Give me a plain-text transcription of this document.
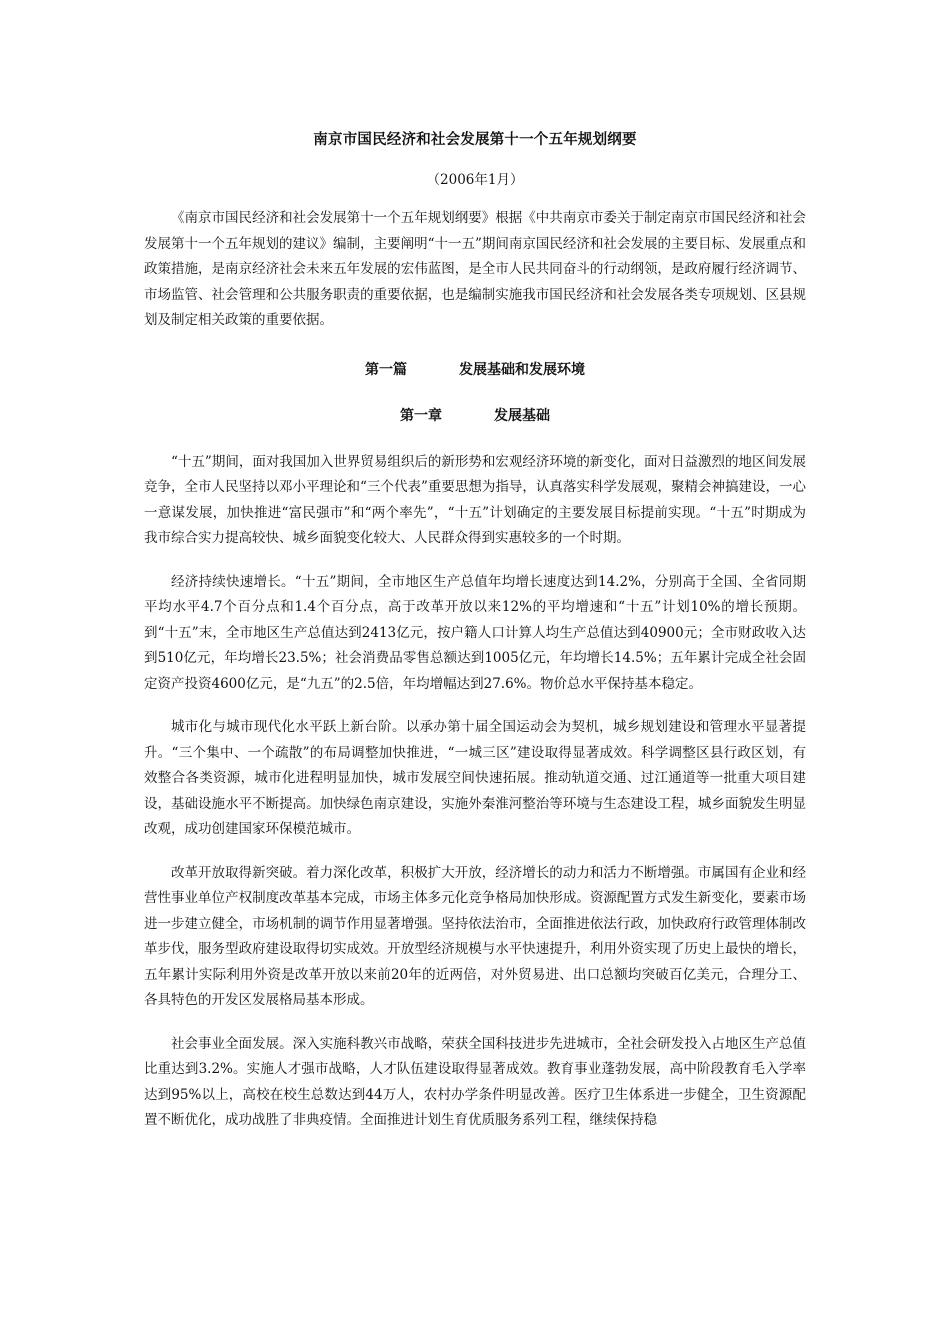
南京市国民经济和社会发展第十一个五年规划纲要

（2006年1月）

《南京市国民经济和社会发展第十一个五年规划纲要》根据《中共南京市委关于制定南京市国民经济和社会发展第十一个五年规划的建议》编制，主要阐明“十一五”期间南京国民经济和社会发展的主要目标、发展重点和政策措施，是南京经济社会未来五年发展的宏伟蓝图，是全市人民共同奋斗的行动纲领，是政府履行经济调节、市场监管、社会管理和公共服务职责的重要依据，也是编制实施我市国民经济和社会发展各类专项规划、区县规划及制定相关政策的重要依据。

第一篇	发展基础和发展环境
第一章	发展基础

“十五”期间，面对我国加入世界贸易组织后的新形势和宏观经济环境的新变化，面对日益激烈的地区间发展竞争，全市人民坚持以邓小平理论和“三个代表”重要思想为指导，认真落实科学发展观，聚精会神搞建设，一心一意谋发展，加快推进“富民强市”和“两个率先”，“十五”计划确定的主要发展目标提前实现。“十五”时期成为我市综合实力提高较快、城乡面貌变化较大、人民群众得到实惠较多的一个时期。

经济持续快速增长。“十五”期间，全市地区生产总值年均增长速度达到14.2%，分别高于全国、全省同期平均水平4.7个百分点和1.4个百分点，高于改革开放以来12%的平均增速和“十五”计划10%的增长预期。到“十五”末，全市地区生产总值达到2413亿元，按户籍人口计算人均生产总值达到40900元；全市财政收入达到510亿元，年均增长23.5%；社会消费品零售总额达到1005亿元，年均增长14.5%；五年累计完成全社会固定资产投资4600亿元，是“九五”的2.5倍，年均增幅达到27.6%。物价总水平保持基本稳定。

城市化与城市现代化水平跃上新台阶。以承办第十届全国运动会为契机，城乡规划建设和管理水平显著提升。“三个集中、一个疏散”的布局调整加快推进，“一城三区”建设取得显著成效。科学调整区县行政区划，有效整合各类资源，城市化进程明显加快，城市发展空间快速拓展。推动轨道交通、过江通道等一批重大项目建设，基础设施水平不断提高。加快绿色南京建设，实施外秦淮河整治等环境与生态建设工程，城乡面貌发生明显改观，成功创建国家环保模范城市。

改革开放取得新突破。着力深化改革，积极扩大开放，经济增长的动力和活力不断增强。市属国有企业和经营性事业单位产权制度改革基本完成，市场主体多元化竞争格局加快形成。资源配置方式发生新变化，要素市场进一步建立健全，市场机制的调节作用显著增强。坚持依法治市，全面推进依法行政，加快政府行政管理体制改革步伐，服务型政府建设取得切实成效。开放型经济规模与水平快速提升，利用外资实现了历史上最快的增长，五年累计实际利用外资是改革开放以来前20年的近两倍，对外贸易进、出口总额均突破百亿美元，合理分工、各具特色的开发区发展格局基本形成。

社会事业全面发展。深入实施科教兴市战略，荣获全国科技进步先进城市，全社会研发投入占地区生产总值比重达到3.2%。实施人才强市战略，人才队伍建设取得显著成效。教育事业蓬勃发展，高中阶段教育毛入学率达到95%以上，高校在校生总数达到44万人，农村办学条件明显改善。医疗卫生体系进一步健全，卫生资源配置不断优化，成功战胜了非典疫情。全面推进计划生育优质服务系列工程，继续保持稳
